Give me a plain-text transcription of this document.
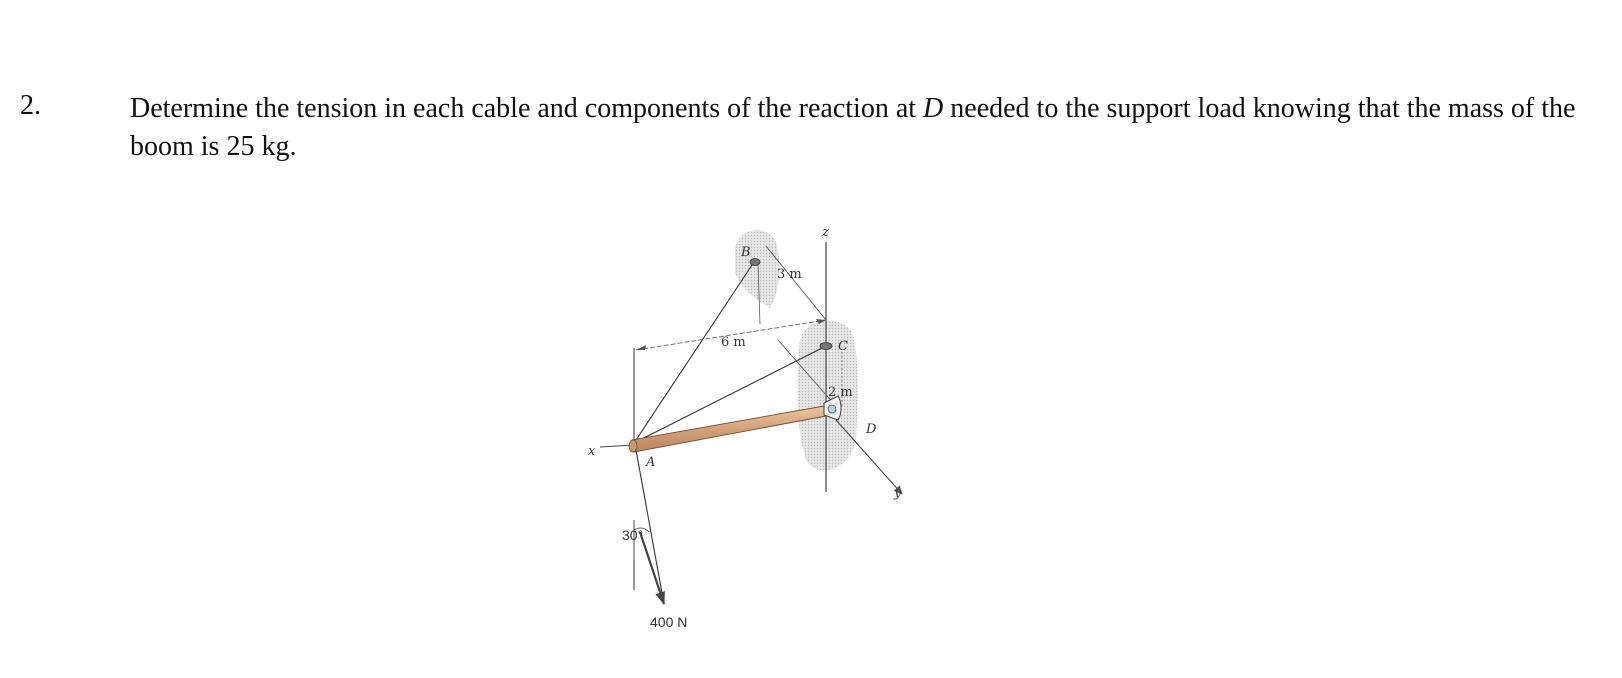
2.	Determine the tension in each cable and components of the reaction at D needed to the support load knowing that the mass of the boom is 25 kg.
z
x
y
A
B
C
D
3 m
6 m
2 m
30°
400 N
